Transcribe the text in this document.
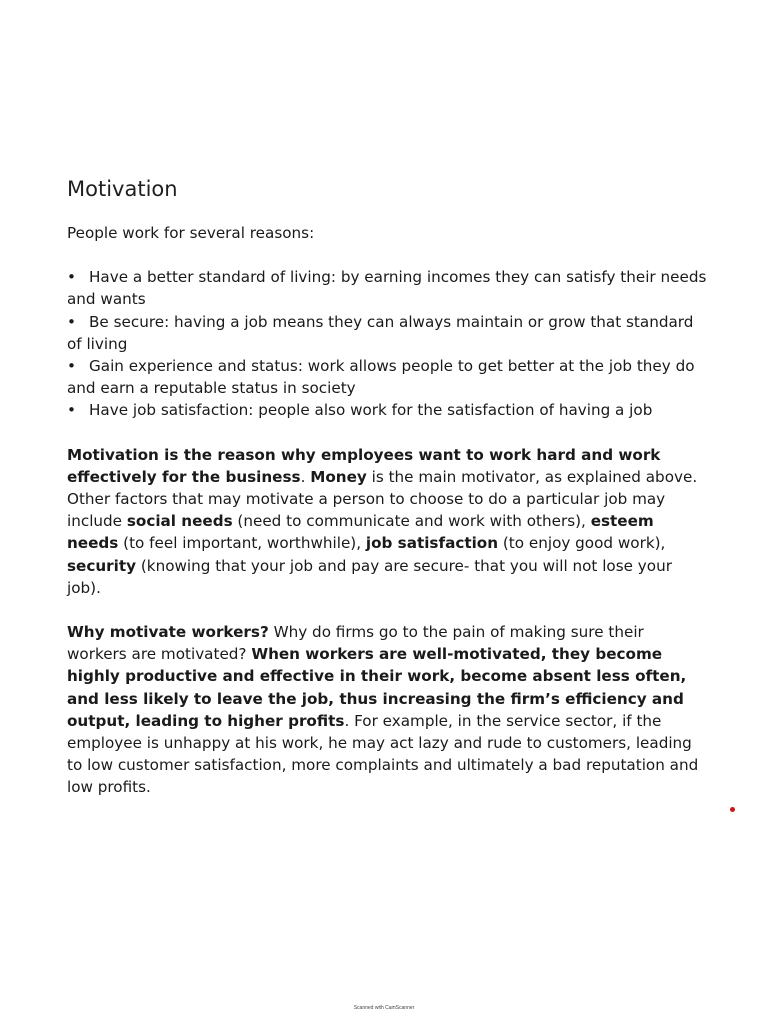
Motivation

People work for several reasons:

• Have a better standard of living: by earning incomes they can satisfy their needs and wants
• Be secure: having a job means they can always maintain or grow that standard of living
• Gain experience and status: work allows people to get better at the job they do and earn a reputable status in society
• Have job satisfaction: people also work for the satisfaction of having a job

Motivation is the reason why employees want to work hard and work effectively for the business. Money is the main motivator, as explained above. Other factors that may motivate a person to choose to do a particular job may include social needs (need to communicate and work with others), esteem needs (to feel important, worthwhile), job satisfaction (to enjoy good work), security (knowing that your job and pay are secure- that you will not lose your job).

Why motivate workers? Why do firms go to the pain of making sure their workers are motivated? When workers are well-motivated, they become highly productive and effective in their work, become absent less often, and less likely to leave the job, thus increasing the firm’s efficiency and output, leading to higher profits. For example, in the service sector, if the employee is unhappy at his work, he may act lazy and rude to customers, leading to low customer satisfaction, more complaints and ultimately a bad reputation and low profits.

Scanned with CamScanner
